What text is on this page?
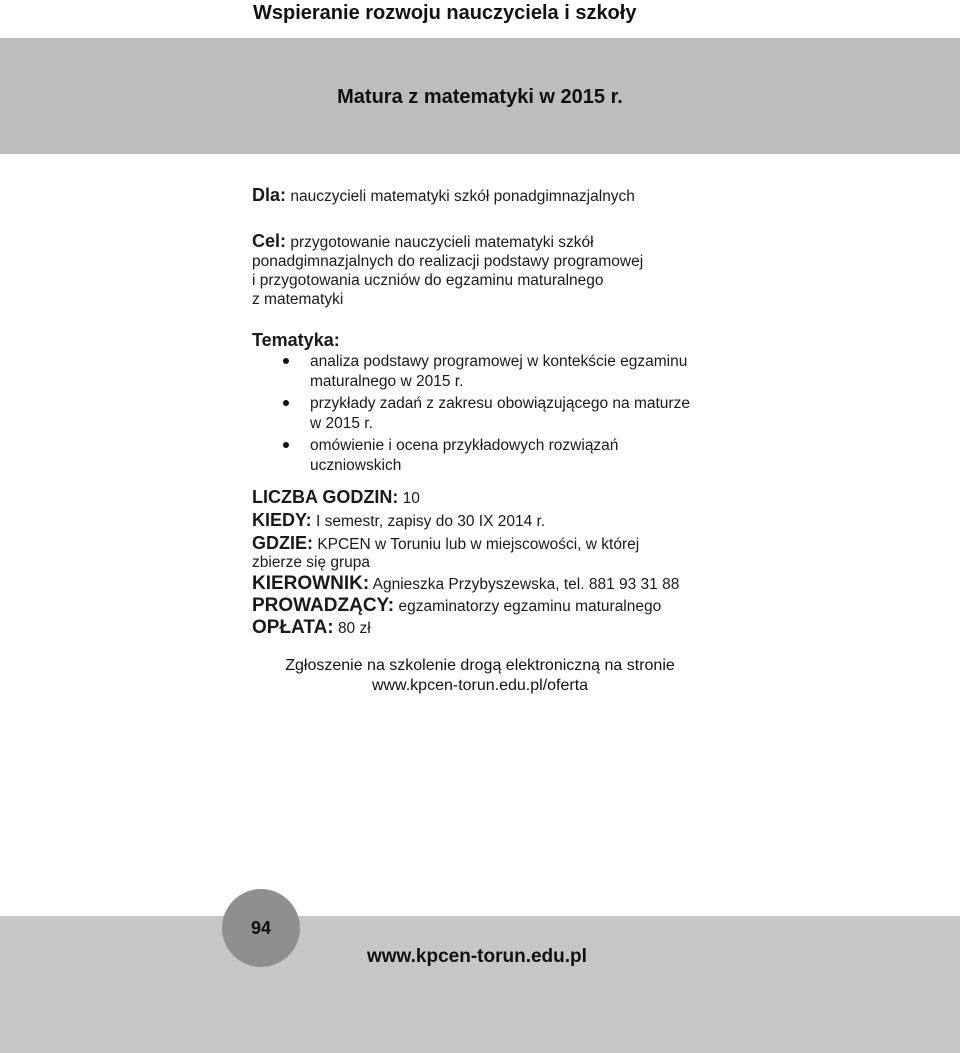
Wspieranie rozwoju nauczyciela i szkoły
Matura z matematyki w 2015 r.
Dla: nauczycieli matematyki szkół ponadgimnazjalnych
Cel: przygotowanie nauczycieli matematyki szkół
ponadgimnazjalnych do realizacji podstawy programowej
i przygotowania uczniów do egzaminu maturalnego
z matematyki
Tematyka:
analiza podstawy programowej w kontekście egzaminu
maturalnego w 2015 r.
przykłady zadań z zakresu obowiązującego na maturze
w 2015 r.
omówienie i ocena przykładowych rozwiązań
uczniowskich
LICZBA GODZIN: 10
KIEDY: I semestr, zapisy do 30 IX 2014 r.
GDZIE: KPCEN w Toruniu lub w miejscowości, w której
zbierze się grupa
KIEROWNIK: Agnieszka Przybyszewska, tel. 881 93 31 88
PROWADZĄCY: egzaminatorzy egzaminu maturalnego
OPŁATA: 80 zł
Zgłoszenie na szkolenie drogą elektroniczną na stronie
www.kpcen-torun.edu.pl/oferta
94
www.kpcen-torun.edu.pl
